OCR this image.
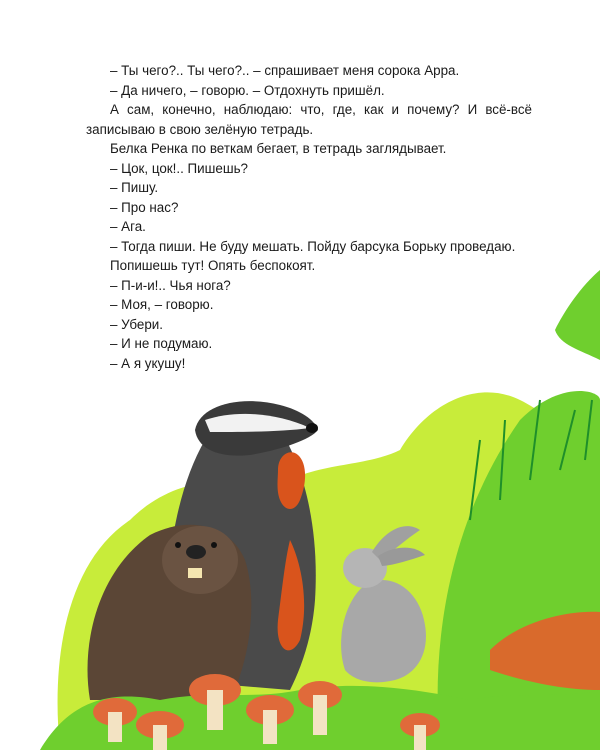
– Ты чего?.. Ты чего?.. – спрашивает меня сорока Арра.

– Да ничего, – говорю. – Отдохнуть пришёл.

А сам, конечно, наблюдаю: что, где, как и почему? И всё-всё

записываю в свою зелёную тетрадь.

Белка Ренка по веткам бегает, в тетрадь заглядывает.

– Цок, цок!.. Пишешь?

– Пишу.

– Про нас?

– Ага.

– Тогда пиши. Не буду мешать. Пойду барсука Борьку проведаю.

Попишешь тут! Опять беспокоят.

– П-и-и!.. Чья нога?

– Моя, – говорю.

– Убери.

– И не подумаю.

– А я укушу!
